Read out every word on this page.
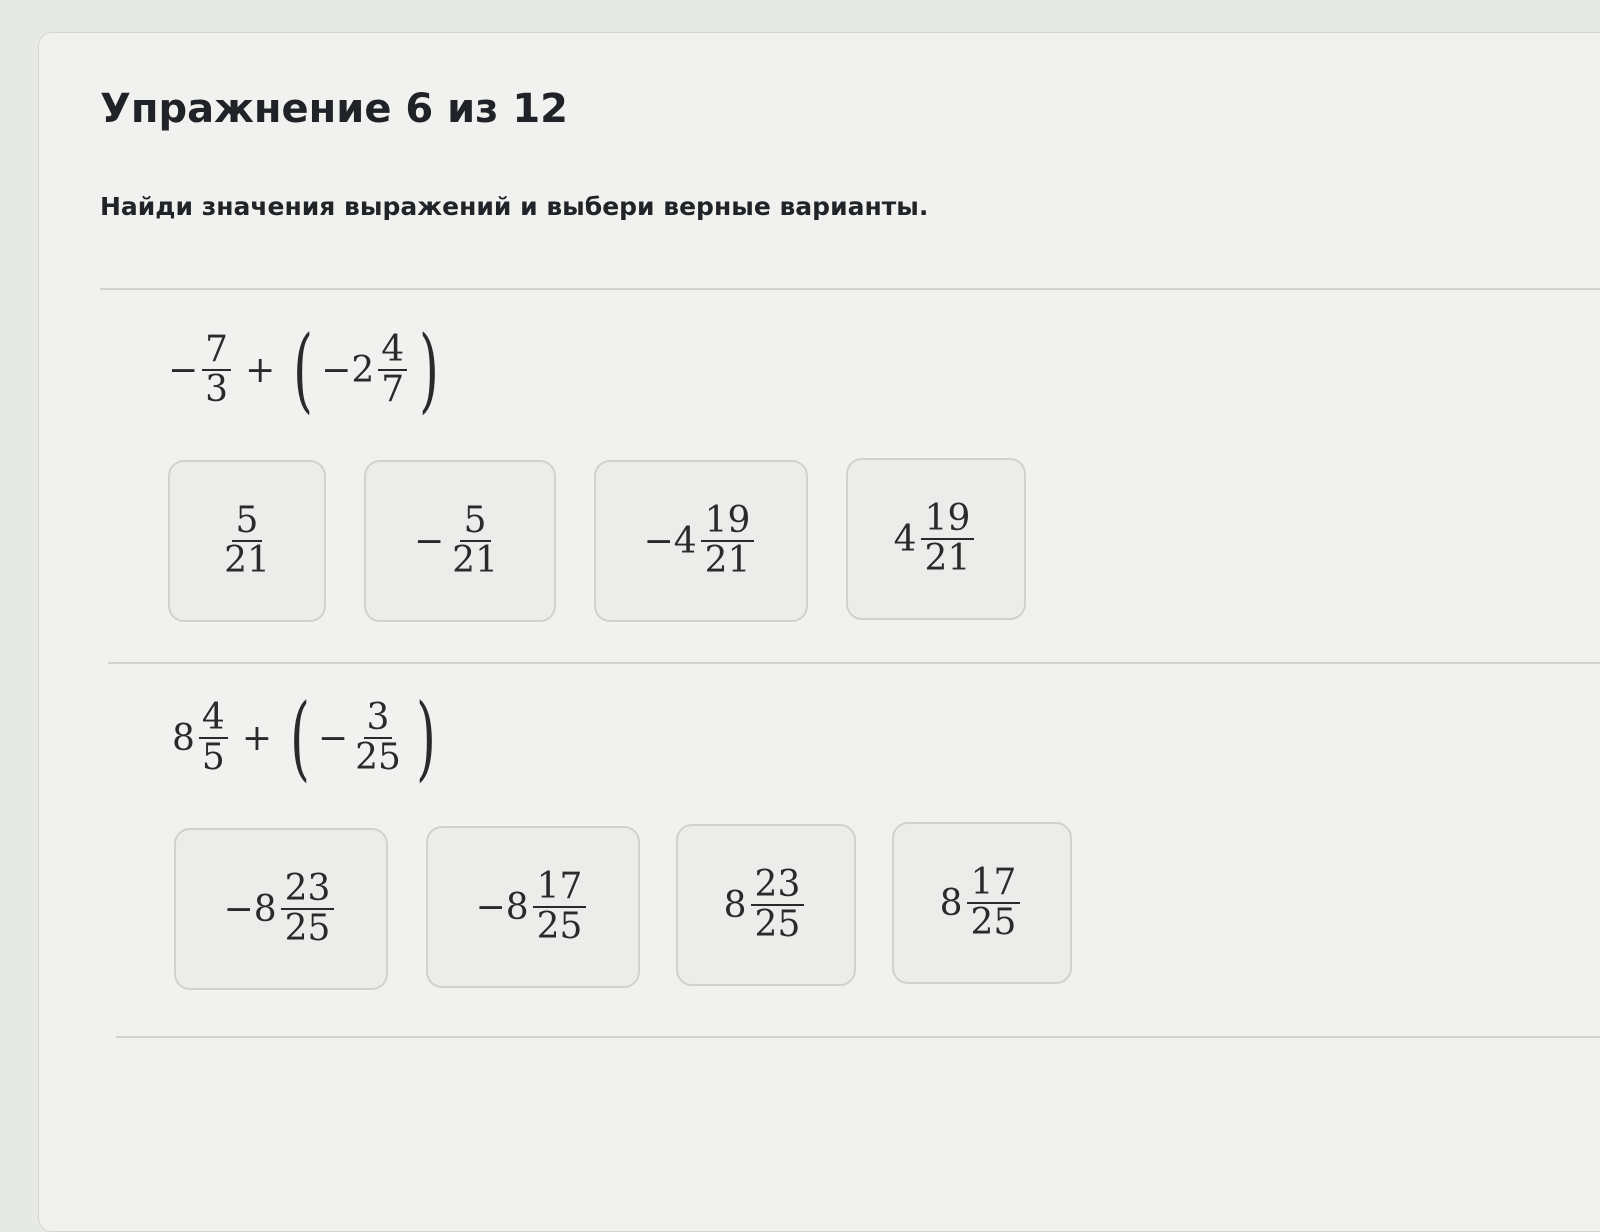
Упражнение 6 из 12

Найди значения выражений и выбери верные варианты.

− $\frac{7}{3}$ + ( − $2 \frac{4}{7}$ )
$\frac{5}{21}$	− $\frac{5}{21}$	− $4 \frac{19}{21}$	$4 \frac{19}{21}$
$8 \frac{4}{5}$ + ( − $\frac{3}{25}$ )
− $8 \frac{23}{25}$	− $8 \frac{17}{25}$	$8 \frac{23}{25}$	$8 \frac{17}{25}$
